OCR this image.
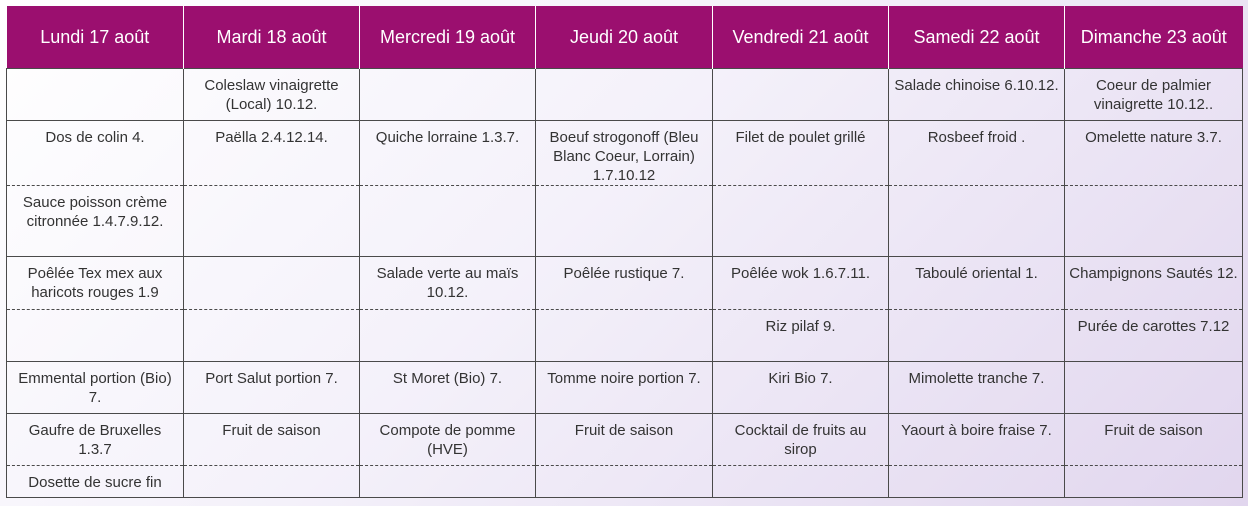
Lundi 17 août	Mardi 18 août	Mercredi 19 août	Jeudi 20 août	Vendredi 21 août	Samedi 22 août	Dimanche 23 août
	Coleslaw vinaigrette (Local) 10.12.				Salade chinoise 6.10.12.	Coeur de palmier vinaigrette 10.12..
Dos de colin 4.	Paëlla 2.4.12.14.	Quiche lorraine 1.3.7.	Boeuf strogonoff (Bleu Blanc Coeur, Lorrain) 1.7.10.12	Filet de poulet grillé	Rosbeef froid .	Omelette nature 3.7.
Sauce poisson crème citronnée 1.4.7.9.12.						
Poêlée Tex mex aux haricots rouges 1.9		Salade verte au maïs 10.12.	Poêlée rustique 7.	Poêlée wok 1.6.7.11.	Taboulé oriental 1.	Champignons Sautés 12.
				Riz pilaf 9.		Purée de carottes 7.12
Emmental portion (Bio) 7.	Port Salut portion 7.	St Moret (Bio) 7.	Tomme noire portion 7.	Kiri Bio 7.	Mimolette tranche 7.	
Gaufre de Bruxelles 1.3.7	Fruit de saison	Compote de pomme (HVE)	Fruit de saison	Cocktail de fruits au sirop	Yaourt à boire fraise 7.	Fruit de saison
Dosette de sucre fin						
